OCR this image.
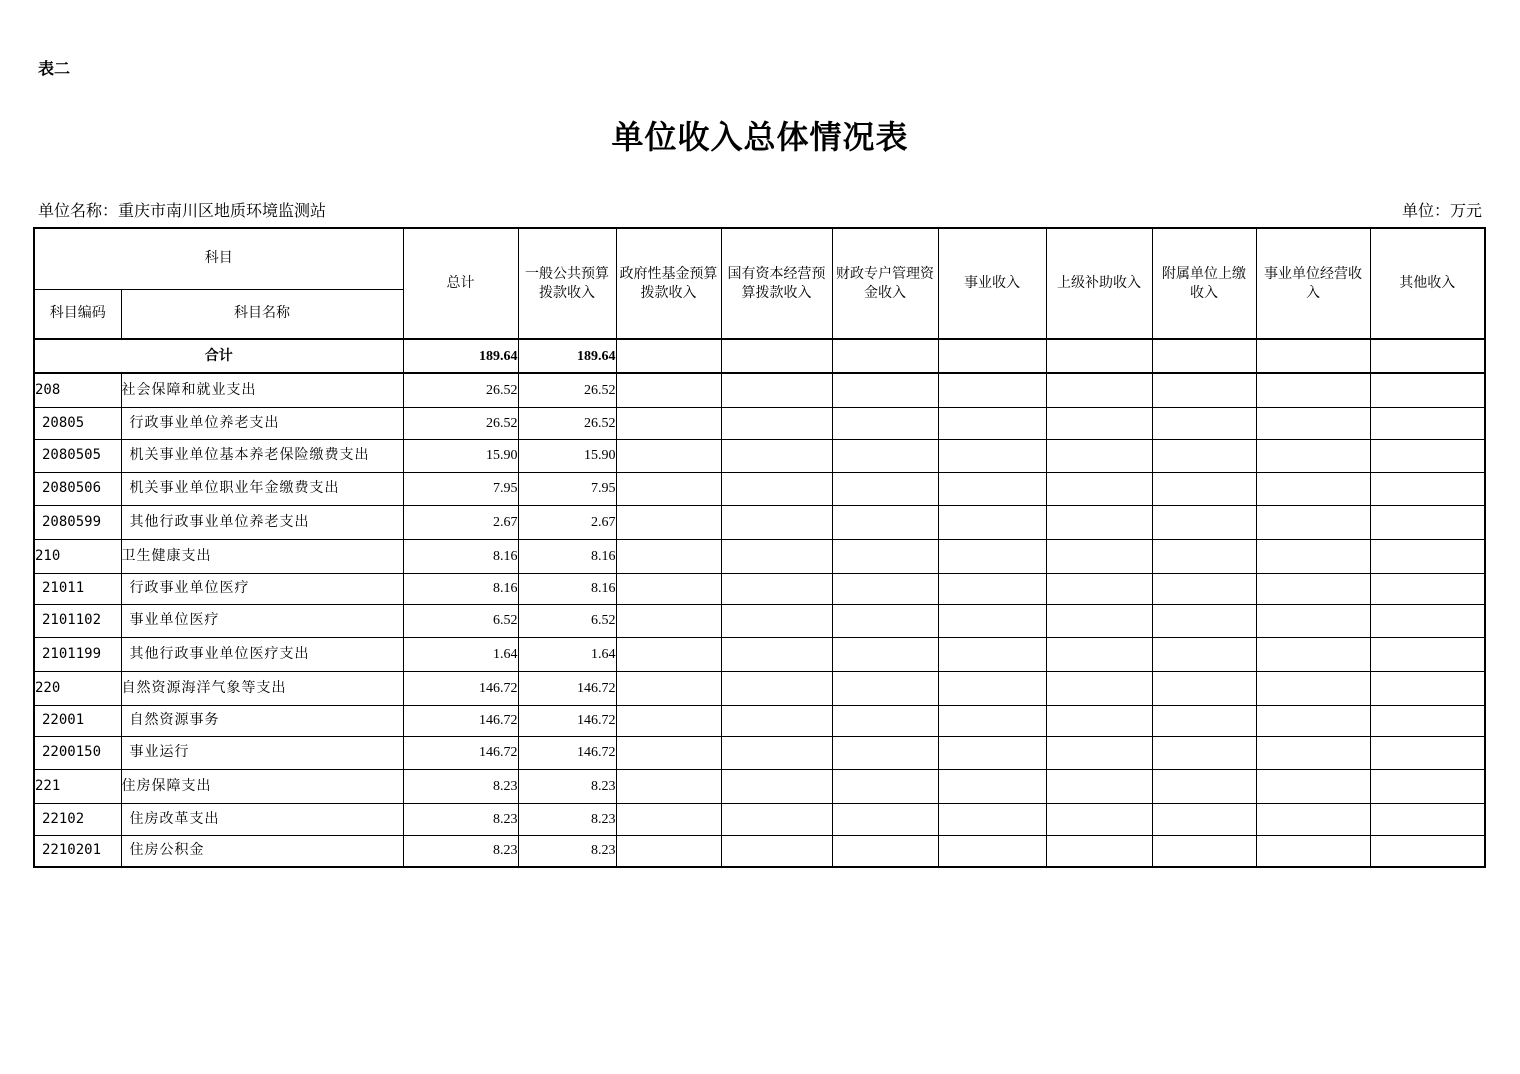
表二
单位收入总体情况表
单位名称：重庆市南川区地质环境监测站	单位：万元
科目		总计	一般公共预算拨款收入	政府性基金预算拨款收入	国有资本经营预算拨款收入	财政专户管理资金收入	事业收入	上级补助收入	附属单位上缴收入	事业单位经营收入	其他收入
科目编码	科目名称										
合计		189.64	189.64								
208	社会保障和就业支出	26.52	26.52								
20805	行政事业单位养老支出	26.52	26.52								
2080505	机关事业单位基本养老保险缴费支出	15.90	15.90								
2080506	机关事业单位职业年金缴费支出	7.95	7.95								
2080599	其他行政事业单位养老支出	2.67	2.67								
210	卫生健康支出	8.16	8.16								
21011	行政事业单位医疗	8.16	8.16								
2101102	事业单位医疗	6.52	6.52								
2101199	其他行政事业单位医疗支出	1.64	1.64								
220	自然资源海洋气象等支出	146.72	146.72								
22001	自然资源事务	146.72	146.72								
2200150	事业运行	146.72	146.72								
221	住房保障支出	8.23	8.23								
22102	住房改革支出	8.23	8.23								
2210201	住房公积金	8.23	8.23								
